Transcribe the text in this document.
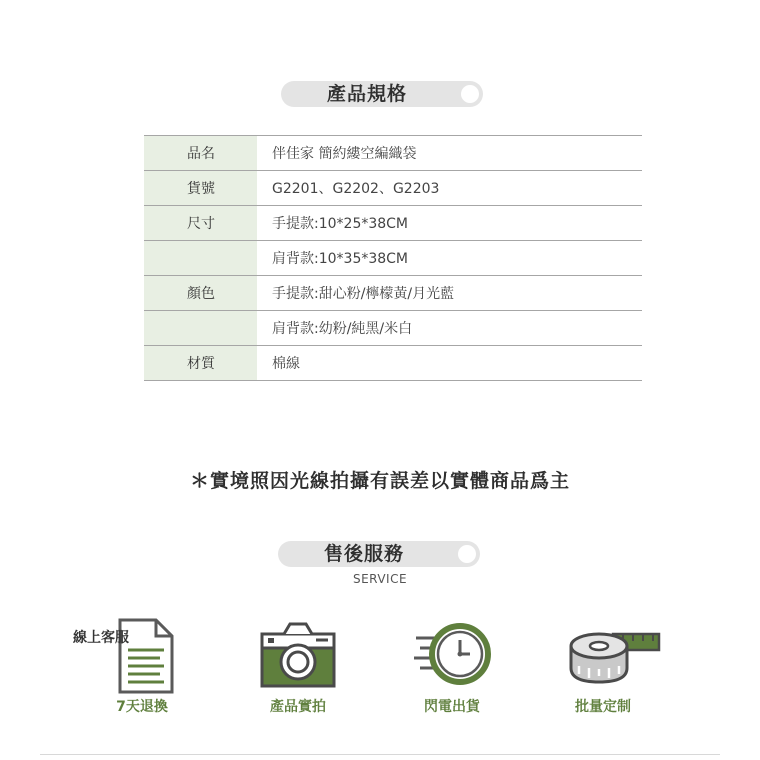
產品規格
品名	伴佳家 簡約縷空編織袋
貨號	G2201、G2202、G2203
尺寸	手提款:10*25*38CM
	肩背款:10*35*38CM
顏色	手提款:甜心粉/檸檬黃/月光藍
	肩背款:幼粉/純黑/米白
材質	棉線
＊實境照因光線拍攝有誤差以實體商品爲主
售後服務
SERVICE
7天退換
線上客服
產品實拍	閃電出貨	批量定制
